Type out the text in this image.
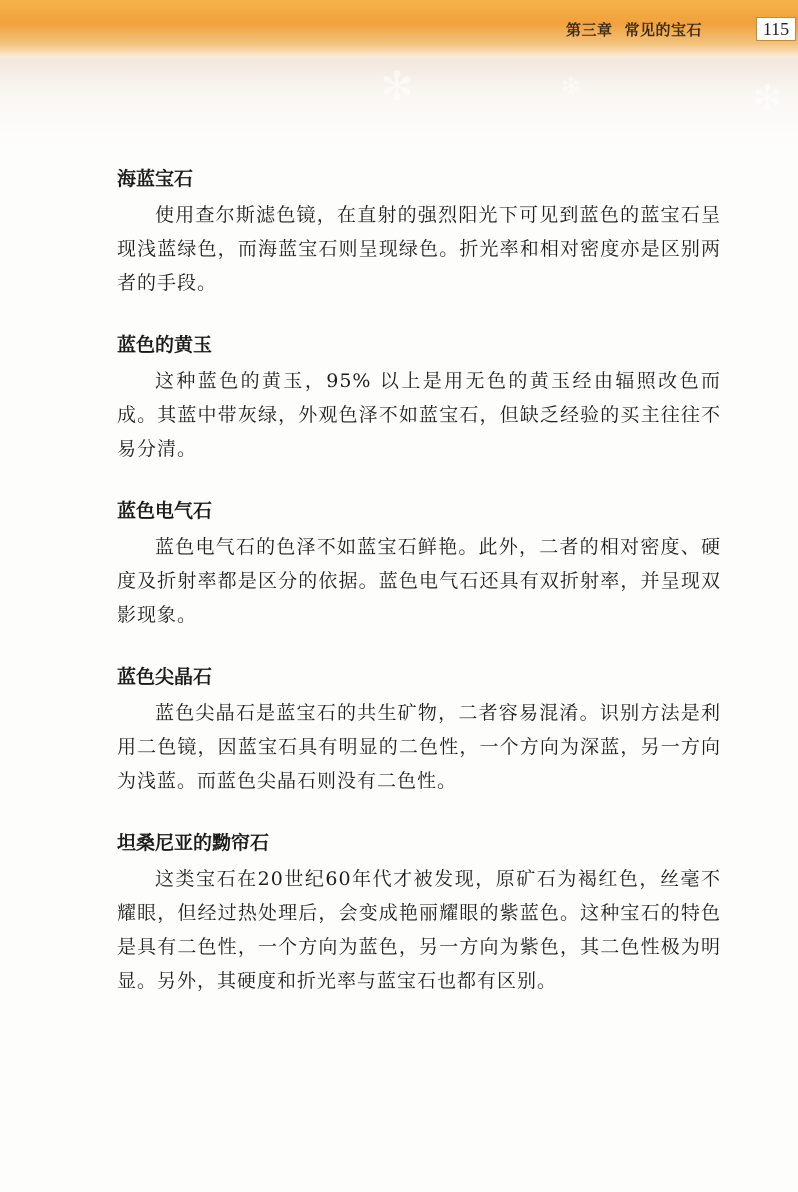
✻	❄	✻
第三章 常见的宝石	115
海蓝宝石

使用查尔斯滤色镜，在直射的强烈阳光下可见到蓝色的蓝宝石呈现浅蓝绿色，而海蓝宝石则呈现绿色。折光率和相对密度亦是区别两者的手段。

蓝色的黄玉

这种蓝色的黄玉，95% 以上是用无色的黄玉经由辐照改色而成。其蓝中带灰绿，外观色泽不如蓝宝石，但缺乏经验的买主往往不易分清。

蓝色电气石

蓝色电气石的色泽不如蓝宝石鲜艳。此外，二者的相对密度、硬度及折射率都是区分的依据。蓝色电气石还具有双折射率，并呈现双影现象。

蓝色尖晶石

蓝色尖晶石是蓝宝石的共生矿物，二者容易混淆。识别方法是利用二色镜，因蓝宝石具有明显的二色性，一个方向为深蓝，另一方向为浅蓝。而蓝色尖晶石则没有二色性。

坦桑尼亚的黝帘石

这类宝石在20世纪60年代才被发现，原矿石为褐红色，丝毫不耀眼，但经过热处理后，会变成艳丽耀眼的紫蓝色。这种宝石的特色是具有二色性，一个方向为蓝色，另一方向为紫色，其二色性极为明显。另外，其硬度和折光率与蓝宝石也都有区别。
